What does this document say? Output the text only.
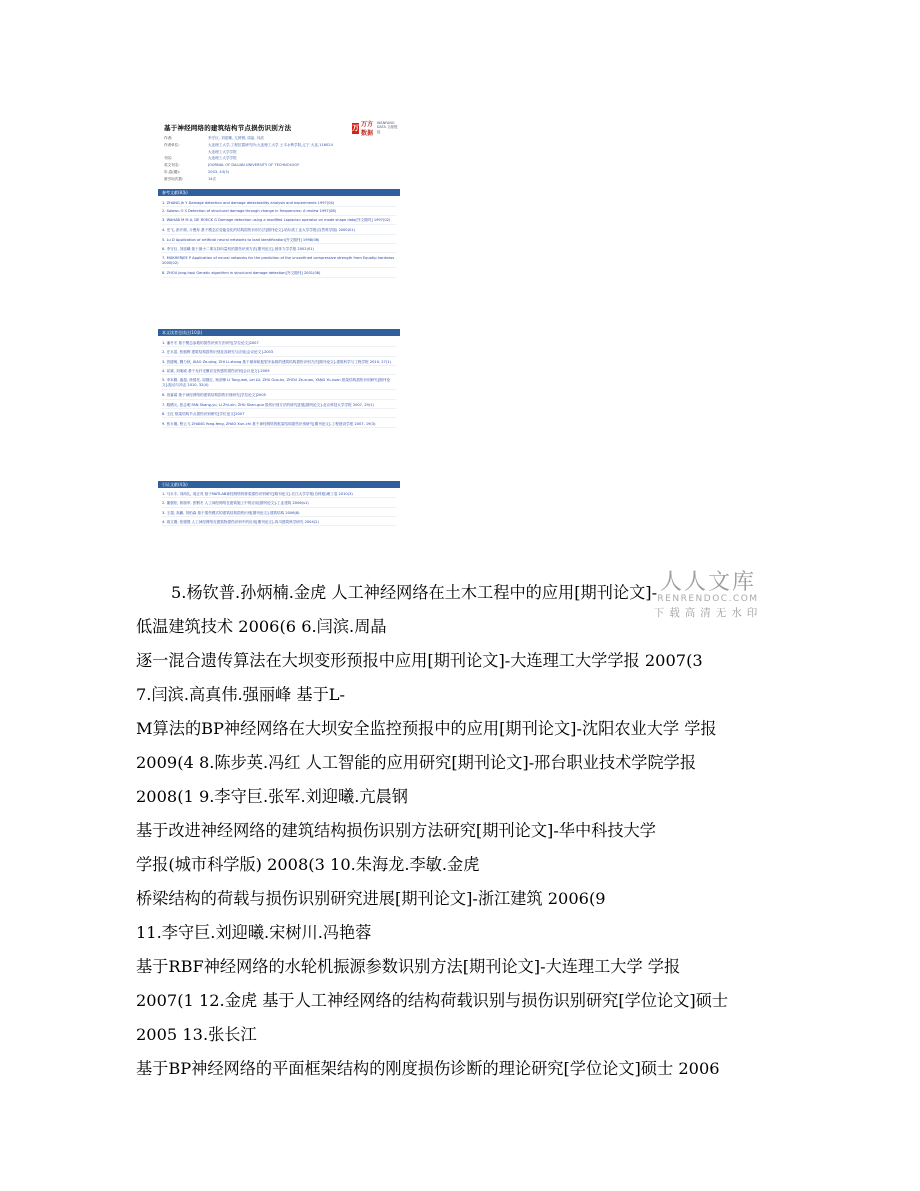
基于神经网络的建筑结构节点损伤识别方法	万 万方数据
WANFANG DATA 文献链接
作者:	李守巨, 刘迎曦, 亢晨钢, 周晶, 闫滨
作者单位:	大连理工大学,工程抗震研究所;大连理工大学 土木水利学院,辽宁 大连,116024
大连理工大学学报
刊名:	大连理工大学学报
英文刊名:	JOURNAL OF DALIAN UNIVERSITY OF TECHNOLOGY
年,卷(期):	2003, 43(3)
被引用次数:	14次
参考文献(8条)
1. ZHANG Jh Y Damage detection and damage detectability analysis and experiments 1997(04)
2. Salawu O S Detection of structural damage through change in frequencies: A review 1997(08)
3. WAHAB M M A, DE ROECK G Damage detection using a modified Laplacian operator on mode shape data[外文期刊] 1997(02)
4. 史飞, 彭开颜, 亓俊寿 基于模态应变能变化的结构损伤识别方法[期刊论文]-哈尔滨工业大学学报(自然科学版) 2000(01)
5. Lu D Application of artificial neural networks to load identification[外文期刊] 1998(06)
6. 李守巨, 刘迎曦 基于最小二乘支持向量机的损伤识别方法[期刊论文]-固体力学学报 2002(01)
7. MUKHERJEE P Application of neural networks for the prediction of the unconfined compressive strength from Equotip hardness 2000(02)
8. ZHOU Jong-haui Genetic algorithm in structural damage detection[外文期刊] 2001(08)
本文读者也读过(10条)
1. 潘冬冬 基于模态参数的损伤识别方法研究[学位论文]2007
2. 庄永富, 张植辉 建筑结构损伤识别及其研究与应用[会议论文]-2003
3. 贺德明, 魏力秋, XIAO Ze-qing, ZHI Li-zhong 基于频率和振型多参数的建筑结构损伤识别方法[期刊论文]-建筑科学与工程学报 2010, 27(1)
4. 祁斌, 刘迪威 基于光纤光栅应变传感的损伤识别[会议论文]-2009
5. 李本勤, 盛超, 徐国亮, 周继红, 杨剑锋 LI Tong-wei, Lei LU, ZHU Guo-ku, ZHOU Ze-xuan, YANG Yu-xuan 框架结构损伤识别研究[期刊论文]-振动与冲击 2010, 32(4)
6. 祝睿睿 基于神经网络的建筑结构损伤识别研究[学位论文]2005
7. 路栖元, 张志明 FAN Shang-yu, LI Zhi-xin, ZHU Shan-guo 损伤识别方法的研究进展[期刊论文]-北京科技大学学报 2007, 29(1)
8. 王红 框架结构节点损伤识别研究[学位论文]2007
9. 张永刚, 程云飞 ZHANG Yong-feng, ZHAO Xun-chi 基于神经网络的框架结构损伤识别研究[期刊论文]-工程建设学报 2007, 19(3)
引证文献(4条)
1. 马永丰, 刘尚礼, 周正茂 基于MATLAB神经网络的桥梁损伤识别研究[期刊论文]-长江大学学报(自科版)理工卷 2010(3)
2. 董强松, 郭瑞军, 张钢冬 人工神经网络在建筑施工中的应用[期刊论文]-工业建筑 2006(s1)
3. 王超, 高鹏, 刘柏森 基于损伤模式的建筑结构损伤识别[期刊论文]-建筑结构 2006(8)
4. 周文刚, 张德强 人工神经网络在建筑物损伤识别中的应用[期刊论文]-四川建筑科学研究 2004(2)
人人文库
RENRENDOC.COM
下载高清无水印
5.杨钦普.孙炳楠.金虎 人工神经网络在土木工程中的应用[期刊论文]-
低温建筑技术 2006(6 6.闫滨.周晶
逐一混合遗传算法在大坝变形预报中应用[期刊论文]-大连理工大学学报 2007(3
7.闫滨.高真伟.强丽峰 基于L-
M算法的BP神经网络在大坝安全监控预报中的应用[期刊论文]-沈阳农业大学 学报
2009(4 8.陈步英.冯红 人工智能的应用研究[期刊论文]-邢台职业技术学院学报
2008(1 9.李守巨.张军.刘迎曦.亢晨钢
基于改进神经网络的建筑结构损伤识别方法研究[期刊论文]-华中科技大学
学报(城市科学版) 2008(3 10.朱海龙.李敏.金虎
桥梁结构的荷载与损伤识别研究进展[期刊论文]-浙江建筑 2006(9
11.李守巨.刘迎曦.宋树川.冯艳蓉
基于RBF神经网络的水轮机振源参数识别方法[期刊论文]-大连理工大学 学报
2007(1 12.金虎 基于人工神经网络的结构荷载识别与损伤识别研究[学位论文]硕士
2005 13.张长江
基于BP神经网络的平面框架结构的刚度损伤诊断的理论研究[学位论文]硕士 2006
